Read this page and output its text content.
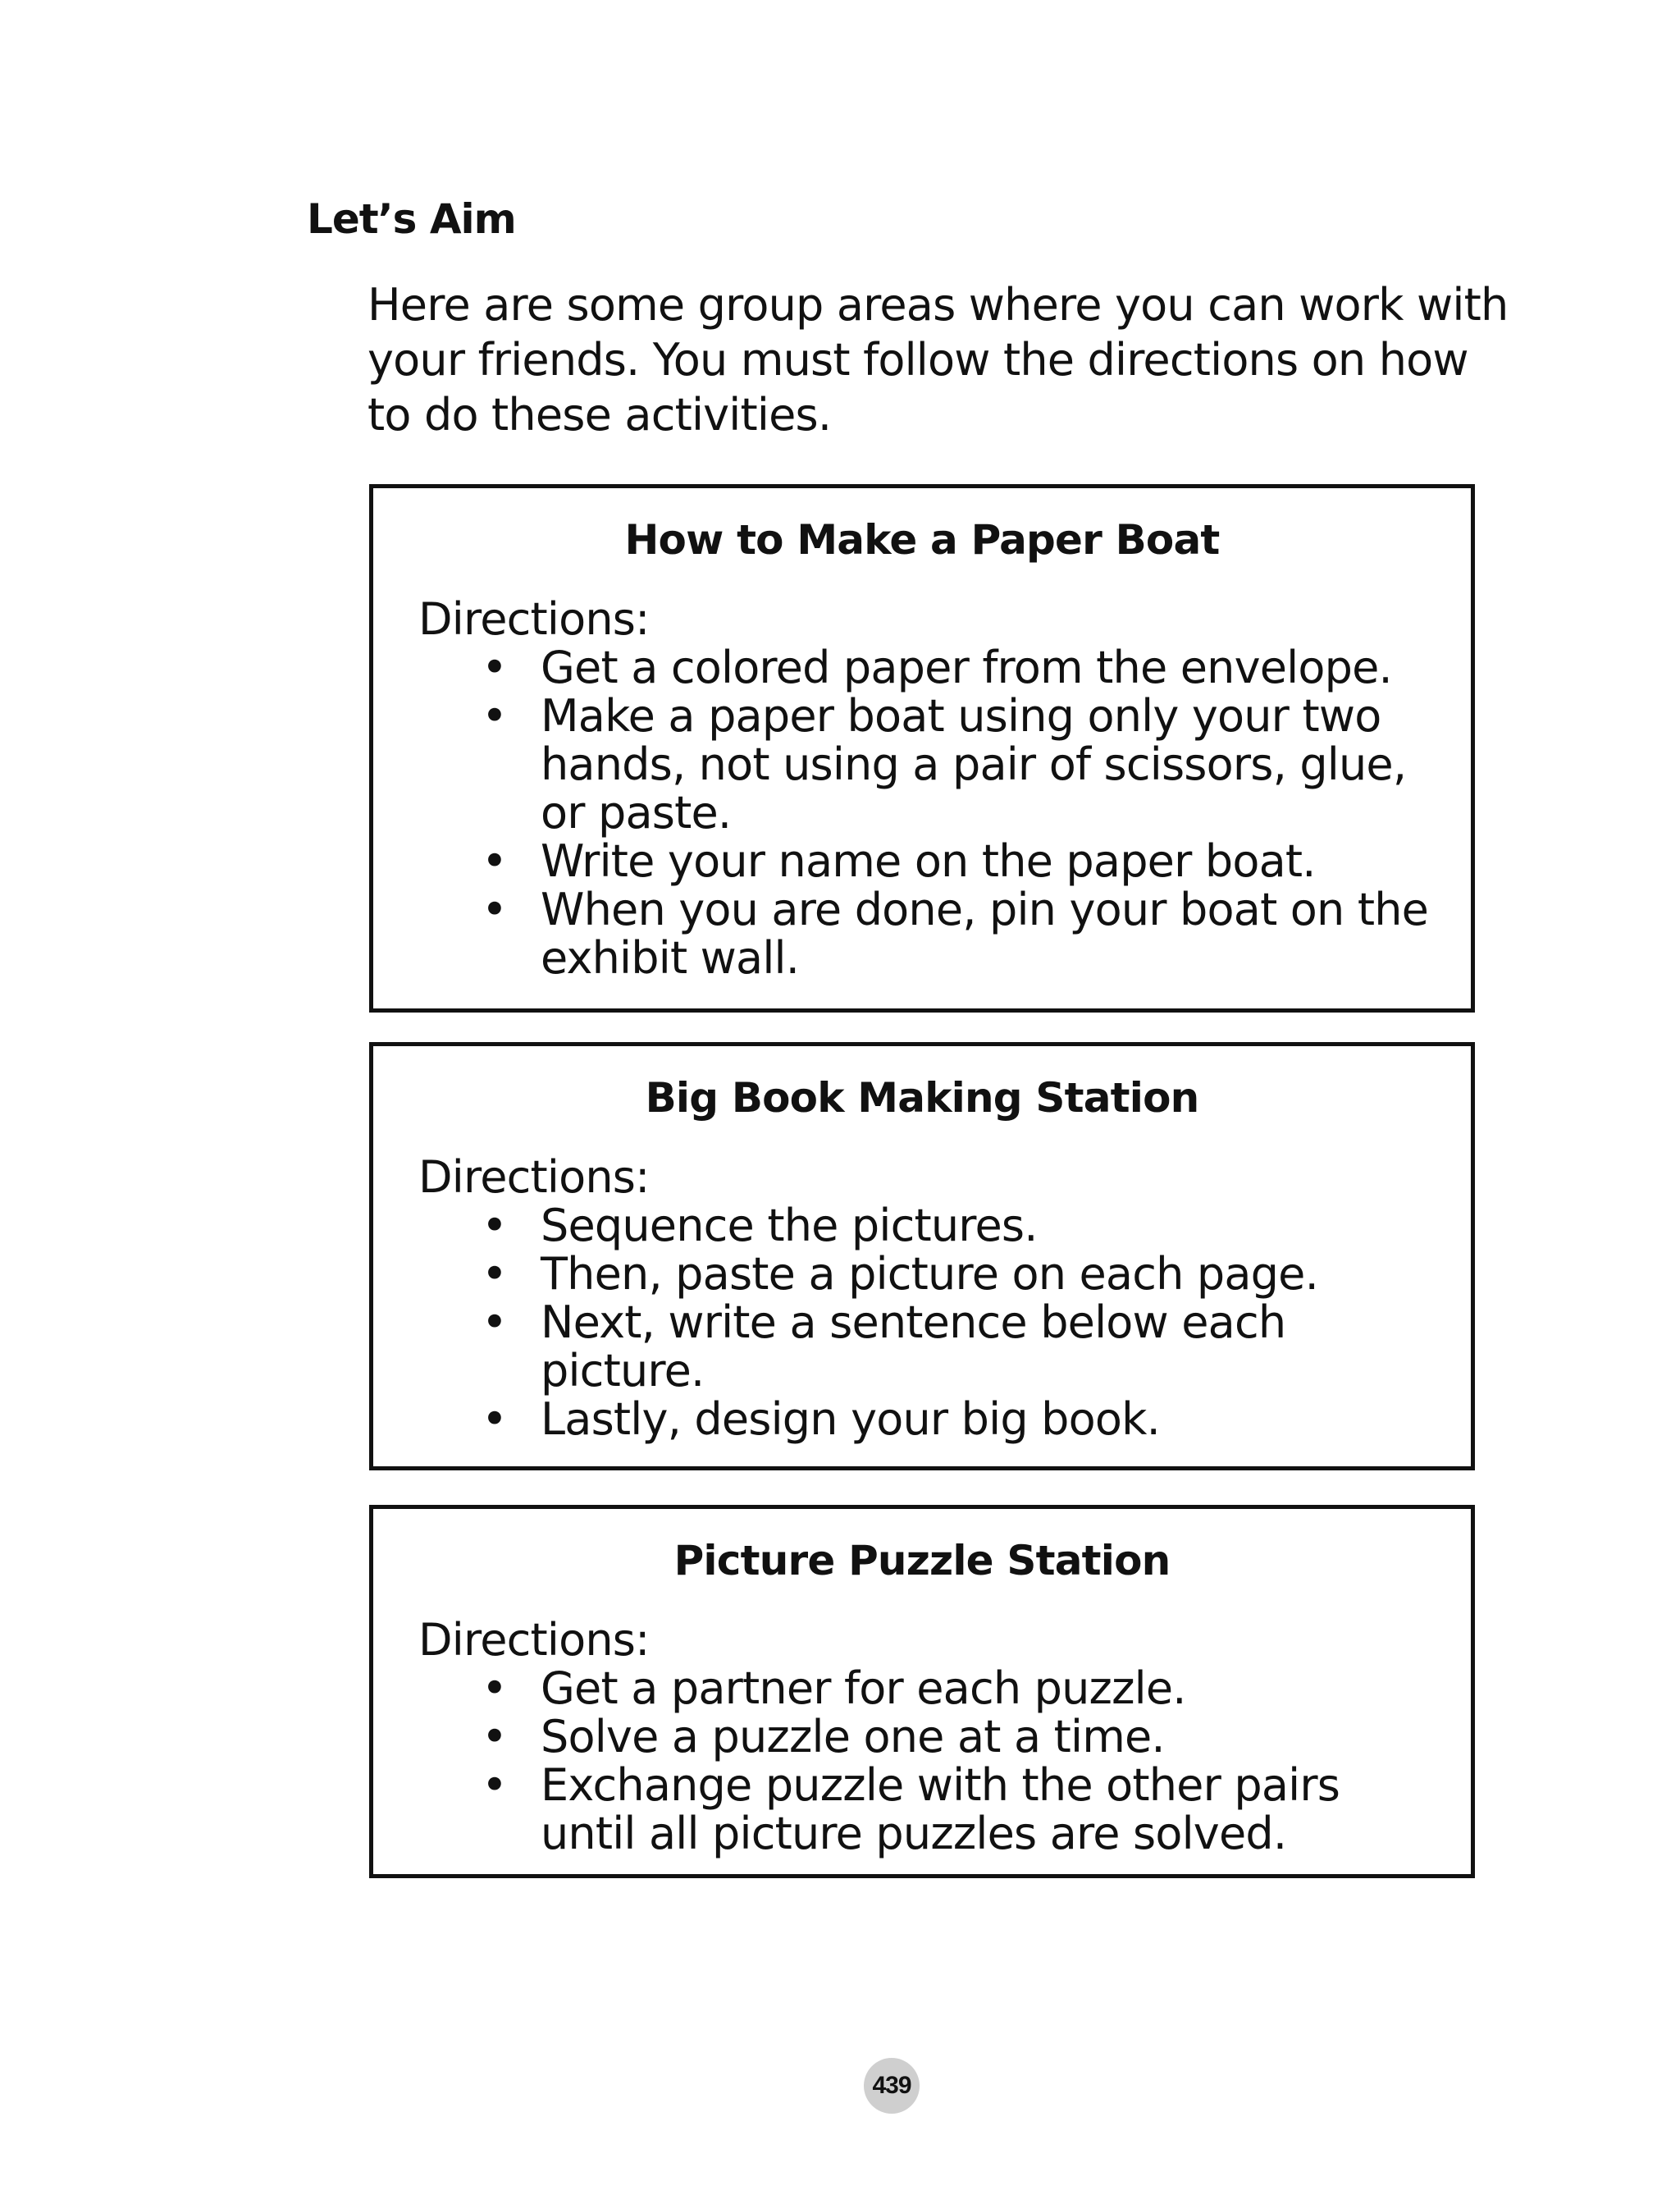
Let’s Aim

Here are some group areas where you can work with your friends. You must follow the directions on how to do these activities.

How to Make a Paper Boat

Directions:

• Get a colored paper from the envelope.
• Make a paper boat using only your two hands, not using a pair of scissors, glue, or paste.
• Write your name on the paper boat.
• When you are done, pin your boat on the exhibit wall.
Big Book Making Station

Directions:

• Sequence the pictures.
• Then, paste a picture on each page.
• Next, write a sentence below each picture.
• Lastly, design your big book.
Picture Puzzle Station

Directions:

• Get a partner for each puzzle.
• Solve a puzzle one at a time.
• Exchange puzzle with the other pairs until all picture puzzles are solved.
439
